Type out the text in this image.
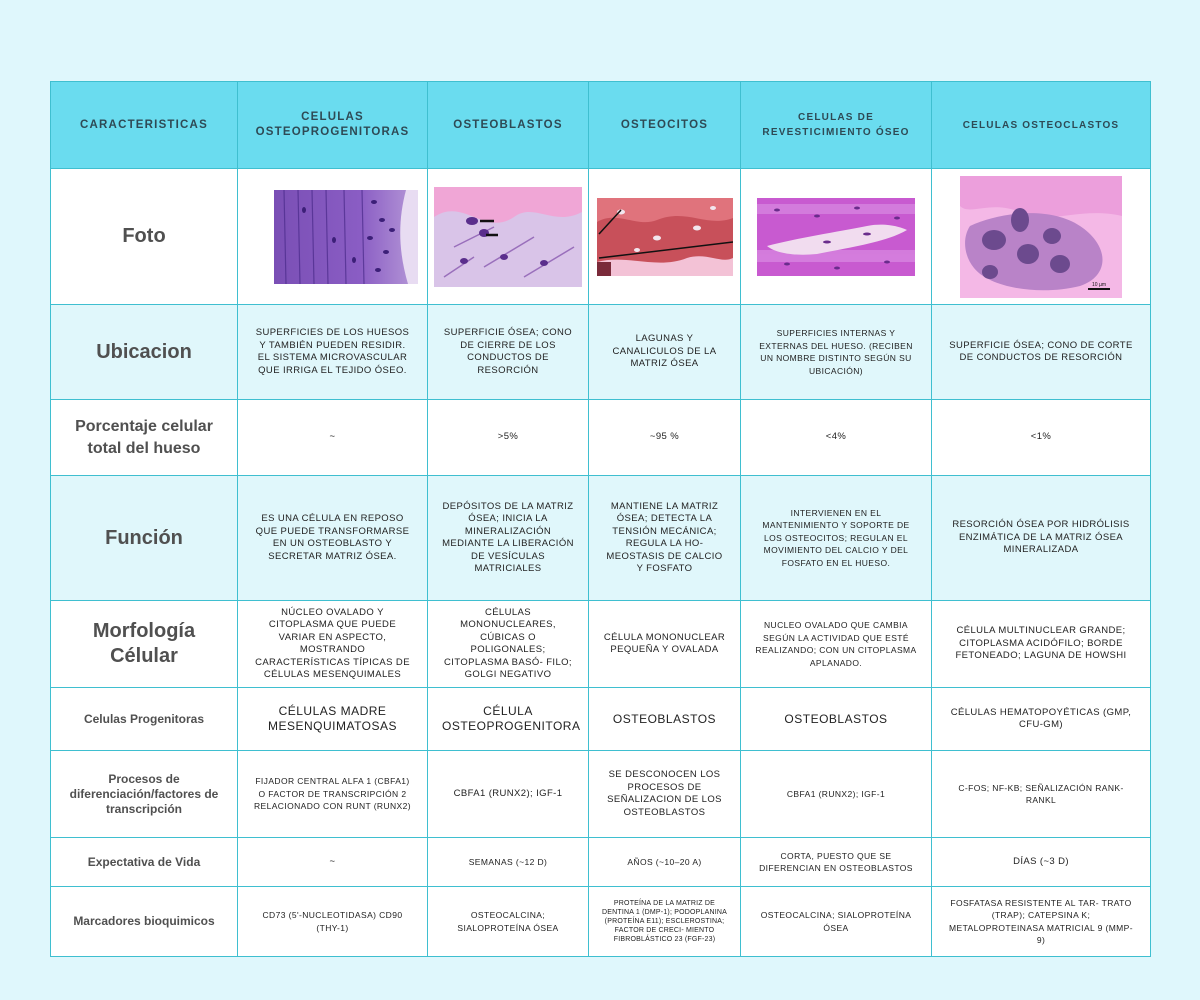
CARACTERISTICAS	CELULAS OSTEOPROGENITORAS	OSTEOBLASTOS	OSTEOCITOS	CELULAS DE REVESTICIMIENTO ÓSEO	CELULAS OSTEOCLASTOS
Foto					10 µm

Ubicacion	SUPERFICIES DE LOS HUESOS Y TAMBIÉN PUEDEN RESIDIR. EL SISTEMA MICROVASCULAR QUE IRRIGA EL TEJIDO ÓSEO.	SUPERFICIE ÓSEA; CONO DE CIERRE DE LOS CONDUCTOS DE RESORCIÓN	LAGUNAS Y CANALICULOS DE LA MATRIZ ÓSEA	SUPERFICIES INTERNAS Y EXTERNAS DEL HUESO. (RECIBEN UN NOMBRE DISTINTO SEGÚN SU UBICACIÓN)	SUPERFICIE ÓSEA; CONO DE CORTE DE CONDUCTOS DE RESORCIÓN
Porcentaje celular total del hueso	~	>5%	~95 %	<4%	<1%
Función	ES UNA CÉLULA EN REPOSO QUE PUEDE TRANSFORMARSE EN UN OSTEOBLASTO Y SECRETAR MATRIZ ÓSEA.	DEPÓSITOS DE LA MATRIZ ÓSEA; INICIA LA MINERALIZACIÓN MEDIANTE LA LIBERACIÓN DE VESÍCULAS MATRICIALES	MANTIENE LA MATRIZ ÓSEA; DETECTA LA TENSIÓN MECÁNICA; REGULA LA HO- MEOSTASIS DE CALCIO Y FOSFATO	INTERVIENEN EN EL MANTENIMIENTO Y SOPORTE DE LOS OSTEOCITOS; REGULAN EL MOVIMIENTO DEL CALCIO Y DEL FOSFATO EN EL HUESO.	RESORCIÓN ÓSEA POR HIDRÓLISIS ENZIMÁTICA DE LA MATRIZ ÓSEA MINERALIZADA
Morfología Célular	NÚCLEO OVALADO Y CITOPLASMA QUE PUEDE VARIAR EN ASPECTO, MOSTRANDO CARACTERÍSTICAS TÍPICAS DE CÉLULAS MESENQUIMALES	CÉLULAS MONONUCLEARES, CÚBICAS O POLIGONALES; CITOPLASMA BASÓ- FILO; GOLGI NEGATIVO	CÉLULA MONONUCLEAR PEQUEÑA Y OVALADA	NUCLEO OVALADO QUE CAMBIA SEGÚN LA ACTIVIDAD QUE ESTÉ REALIZANDO; CON UN CITOPLASMA APLANADO.	CÉLULA MULTINUCLEAR GRANDE; CITOPLASMA ACIDÓFILO; BORDE FETONEADO; LAGUNA DE HOWSHI
Celulas Progenitoras	CÉLULAS MADRE MESENQUIMATOSAS	CÉLULA OSTEOPROGENITORA	OSTEOBLASTOS	OSTEOBLASTOS	CÉLULAS HEMATOPOYÉTICAS (GMP, CFU-GM)
Procesos de diferenciación/factores de transcripción	FIJADOR CENTRAL ALFA 1 (CBFA1) O FACTOR DE TRANSCRIPCIÓN 2 RELACIONADO CON RUNT (RUNX2)	CBFA1 (RUNX2); IGF-1	SE DESCONOCEN LOS PROCESOS DE SEÑALIZACION DE LOS OSTEOBLASTOS	CBFA1 (RUNX2); IGF-1	C-FOS; NF-KB; SEÑALIZACIÓN RANK-RANKL
Expectativa de Vida	~	SEMANAS (~12 D)	AÑOS (~10–20 A)	CORTA, PUESTO QUE SE DIFERENCIAN EN OSTEOBLASTOS	DÍAS (~3 D)
Marcadores bioquimicos	CD73 (5'-NUCLEOTIDASA) CD90 (THY-1)	OSTEOCALCINA; SIALOPROTEÍNA ÓSEA	PROTEÍNA DE LA MATRIZ DE DENTINA 1 (DMP-1); PODOPLANINA (PROTEÍNA E11); ESCLEROSTINA; FACTOR DE CRECI- MIENTO FIBROBLÁSTICO 23 (FGF-23)	OSTEOCALCINA; SIALOPROTEÍNA ÓSEA	FOSFATASA RESISTENTE AL TAR- TRATO (TRAP); CATEPSINA K; METALOPROTEINASA MATRICIAL 9 (MMP-9)
